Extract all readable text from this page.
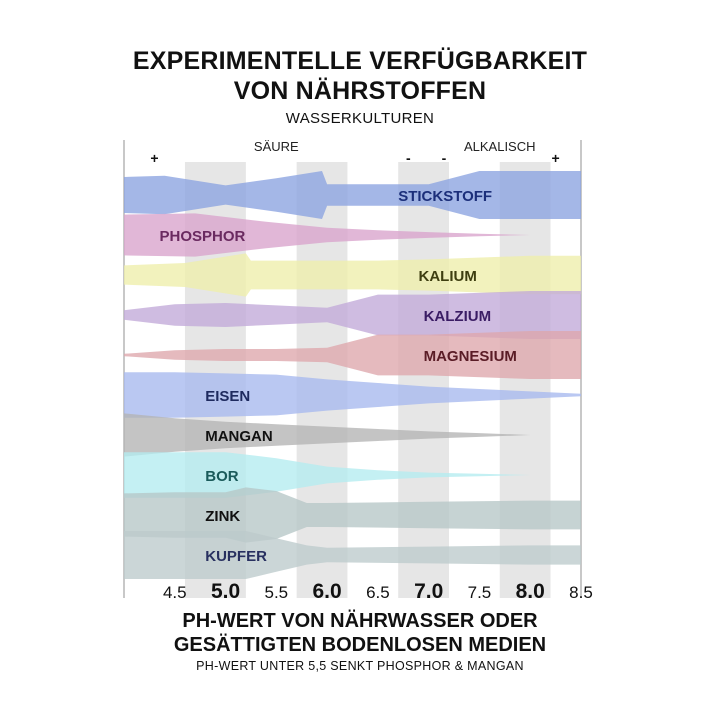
EXPERIMENTELLE VERFÜGBARKEIT
VON NÄHRSTOFFEN
WASSERKULTUREN
STICKSTOFF
PHOSPHOR
KALIUM
KALZIUM
MAGNESIUM
EISEN
MANGAN
BOR
ZINK
KUPFER
4.5 5.0 5.5 6.0 6.5 7.0 7.5 8.0 8.5
SÄURE	ALKALISCH
+	- -	+
PH-WERT VON NÄHRWASSER ODER
GESÄTTIGTEN BODENLOSEN MEDIEN
PH-WERT UNTER 5,5 SENKT PHOSPHOR & MANGAN
